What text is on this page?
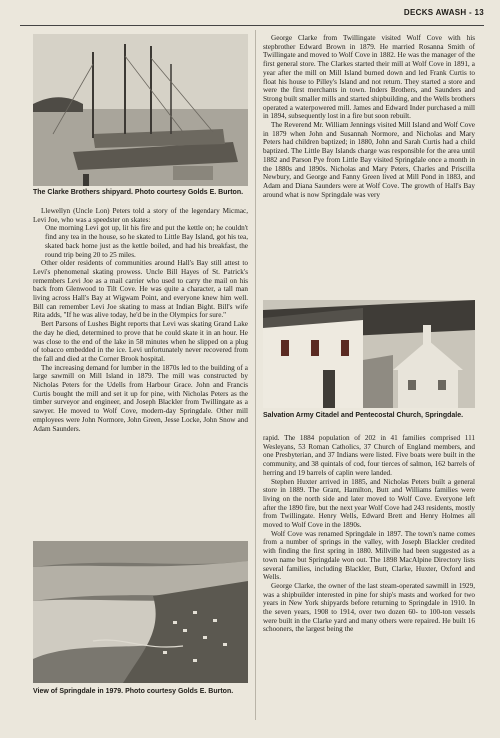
DECKS AWASH - 13
The Clarke Brothers shipyard. Photo courtesy Golds E. Burton.

Llewellyn (Uncle Lon) Peters told a story of the legendary Micmac, Levi Joe, who was a speedster on skates:

One morning Levi got up, lit his fire and put the kettle on; he couldn't find any tea in the house, so he skated to Little Bay Island, got his tea, skated back home just as the kettle boiled, and had his breakfast, the round trip being 20 to 25 miles.

Other older residents of communities around Hall's Bay still attest to Levi's phenomenal skating prowess. Uncle Bill Hayes of St. Patrick's remembers Levi Joe as a mail carrier who used to carry the mail on his back from Glenwood to Tilt Cove. He was quite a character, a tall man living across Hall's Bay at Wigwam Point, and everyone knew him well. Bill can remember Levi Joe skating to mass at Indian Bight. Bill's wife Rita adds, "If he was alive today, he'd be in the Olympics for sure."

Bert Parsons of Lushes Bight reports that Levi was skating Grand Lake the day he died, determined to prove that he could skate it in an hour. He was close to the end of the lake in 58 minutes when he slipped on a plug of tobacco embedded in the ice. Levi unfortunately never recovered from the fall and died at the Corner Brook hospital.

The increasing demand for lumber in the 1870s led to the building of a large sawmill on Mill Island in 1879. The mill was constructed by Nicholas Peters for the Udells from Harbour Grace. John and Francis Curtis bought the mill and set it up for pine, with Nicholas Peters as the timber surveyor and engineer, and Joseph Blackler from Twillingate as a sawyer. He moved to Wolf Cove, modern-day Springdale. Other mill employees were John Normore, John Green, Jesse Locke, John Snow and Adam Saunders.

View of Springdale in 1979. Photo courtesy Golds E. Burton.

George Clarke from Twillingate visited Wolf Cove with his stepbrother Edward Brown in 1879. He married Rosanna Smith of Twillingate and moved to Wolf Cove in 1882. He was the manager of the first general store. The Clarkes started their mill at Wolf Cove in 1891, a year after the mill on Mill Island burned down and led Frank Curtis to float his house to Pilley's Island and not return. They started a store and were the first merchants in town. Inders Brothers, and Saunders and Strong built smaller mills and started shipbuilding, and the Wells brothers operated a waterpowered mill. James and Edward Inder purchased a mill in 1894, subsequently lost in a fire but soon rebuilt.

The Reverend Mr. William Jennings visited Mill Island and Wolf Cove in 1879 when John and Susannah Normore, and Nicholas and Mary Peters had children baptized; in 1880, John and Sarah Curtis had a child baptized. The Little Bay Islands charge was responsible for the area until 1882 and Parson Pye from Little Bay visited Springdale once a month in the 1880s and 1890s. Nicholas and Mary Peters, Charles and Priscilla Newbury, and George and Fanny Green lived at Mill Pond in 1883, and Adam and Diana Saunders were at Wolf Cove. The growth of Hall's Bay around what is now Springdale was very

Salvation Army Citadel and Pentecostal Church, Springdale.

rapid. The 1884 population of 202 in 41 families comprised 111 Wesleyans, 53 Roman Catholics, 37 Church of England members, and one Presbyterian, and 37 Indians were listed. Five boats were built in the community, and 38 quintals of cod, four tierces of salmon, 162 barrels of herring and 19 barrels of caplin were landed.

Stephen Huxter arrived in 1885, and Nicholas Peters built a general store in 1889. The Grant, Hamilton, Butt and Williams families were living on the north side and later moved to Wolf Cove. Everyone left after the 1890 fire, but the next year Wolf Cove had 243 residents, mostly from Twillingate. Henry Wells, Edward Brett and Henry Holmes all moved to Wolf Cove in the 1890s.

Wolf Cove was renamed Springdale in 1897. The town's name comes from a number of springs in the valley, with Joseph Blackler credited with finding the first spring in 1880. Millville had been suggested as a town name but Springdale won out. The 1898 MacAlpine Directory lists several families, including Blackler, Butt, Clarke, Huxter, Oxford and Wells.

George Clarke, the owner of the last steam-operated sawmill in 1929, was a shipbuilder interested in pine for ship's masts and worked for two years in New York shipyards before returning to Springdale in 1910. In the seven years, 1908 to 1914, over two dozen 60- to 100-ton vessels were built in the Clarke yard and many others were repaired. He built 16 schooners, the largest being the
